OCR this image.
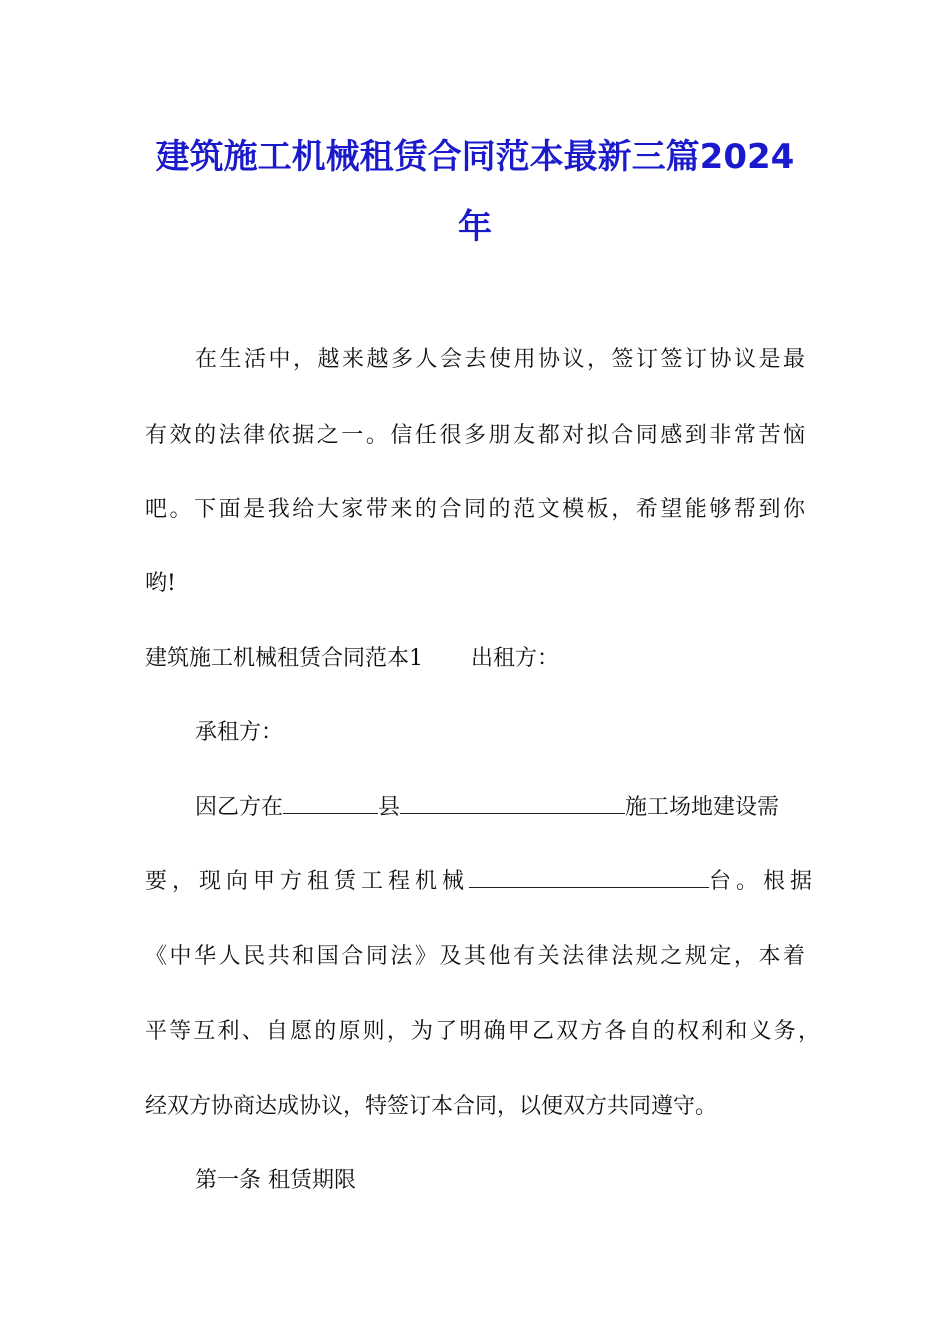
建筑施工机械租赁合同范本最新三篇2024
年
在生活中，越来越多人会去使用协议，签订签订协议是最
有效的法律依据之一。信任很多朋友都对拟合同感到非常苦恼
吧。下面是我给大家带来的合同的范文模板，希望能够帮到你
哟!
建筑施工机械租赁合同范本1 出租方：
承租方：
因乙方在	县	施工场地建设需
要，现向甲方租赁工程机械	台。根据
《中华人民共和国合同法》及其他有关法律法规之规定，本着
平等互利、自愿的原则，为了明确甲乙双方各自的权利和义务，
经双方协商达成协议，特签订本合同，以便双方共同遵守。
第一条 租赁期限
